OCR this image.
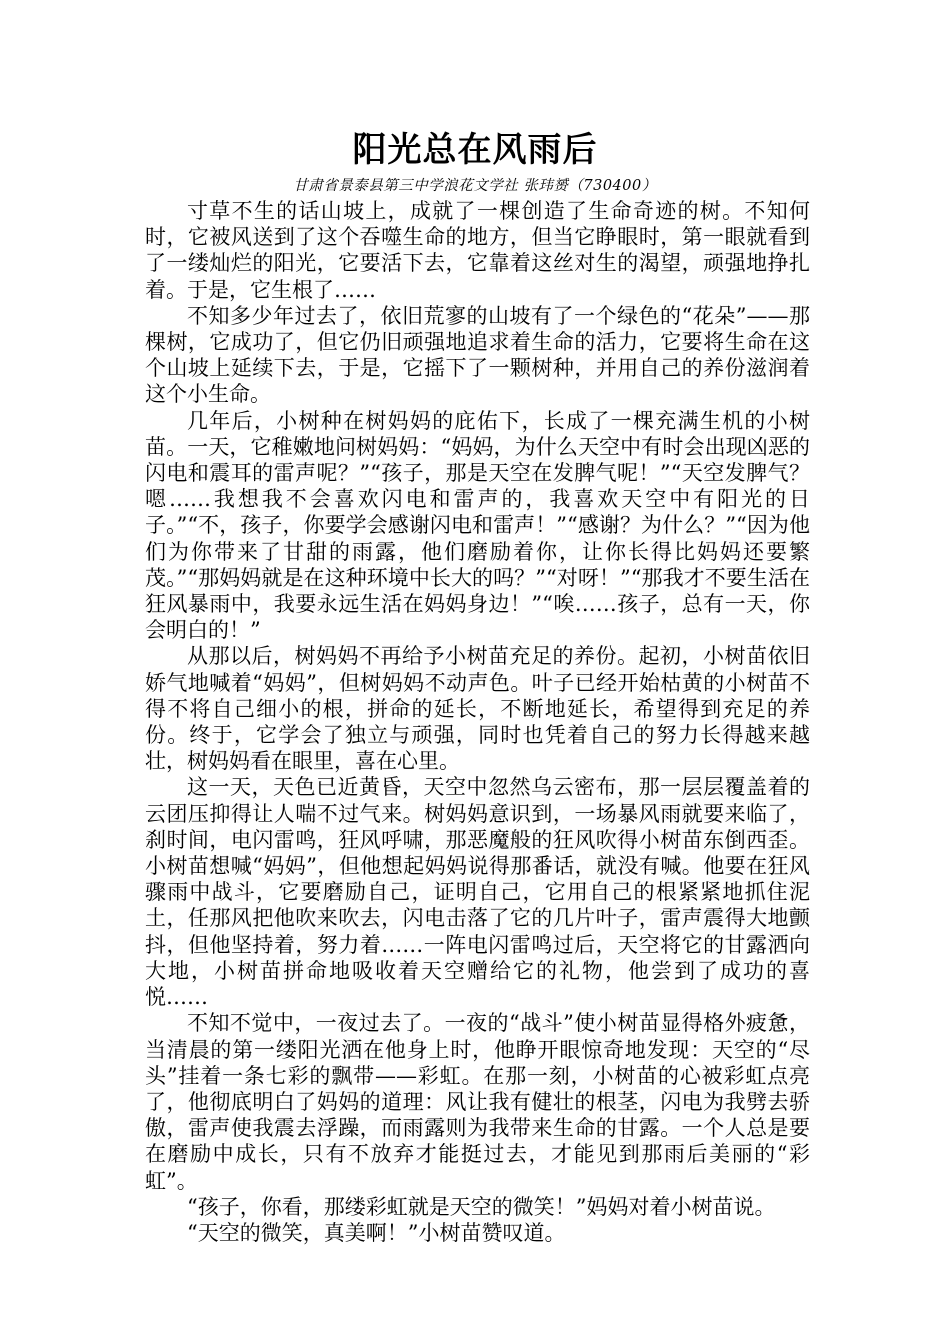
阳光总在风雨后
甘肃省景泰县第三中学浪花文学社 张玮赟（730400）

寸草不生的话山坡上，成就了一棵创造了生命奇迹的树。不知何时，它被风送到了这个吞噬生命的地方，但当它睁眼时，第一眼就看到了一缕灿烂的阳光，它要活下去，它靠着这丝对生的渴望，顽强地挣扎着。于是，它生根了……

不知多少年过去了，依旧荒寥的山坡有了一个绿色的“花朵”——那棵树，它成功了，但它仍旧顽强地追求着生命的活力，它要将生命在这个山坡上延续下去，于是，它摇下了一颗树种，并用自己的养份滋润着这个小生命。

几年后，小树种在树妈妈的庇佑下，长成了一棵充满生机的小树苗。一天，它稚嫩地问树妈妈：“妈妈，为什么天空中有时会出现凶恶的闪电和震耳的雷声呢？”“孩子，那是天空在发脾气呢！”“天空发脾气？嗯……我想我不会喜欢闪电和雷声的，我喜欢天空中有阳光的日子。”“不，孩子，你要学会感谢闪电和雷声！”“感谢？为什么？”“因为他们为你带来了甘甜的雨露，他们磨励着你，让你长得比妈妈还要繁茂。”“那妈妈就是在这种环境中长大的吗？”“对呀！”“那我才不要生活在狂风暴雨中，我要永远生活在妈妈身边！”“唉……孩子，总有一天，你会明白的！”

从那以后，树妈妈不再给予小树苗充足的养份。起初，小树苗依旧娇气地喊着“妈妈”，但树妈妈不动声色。叶子已经开始枯黄的小树苗不得不将自己细小的根，拼命的延长，不断地延长，希望得到充足的养份。终于，它学会了独立与顽强，同时也凭着自己的努力长得越来越壮，树妈妈看在眼里，喜在心里。

这一天，天色已近黄昏，天空中忽然乌云密布，那一层层覆盖着的云团压抑得让人喘不过气来。树妈妈意识到，一场暴风雨就要来临了，刹时间，电闪雷鸣，狂风呼啸，那恶魔般的狂风吹得小树苗东倒西歪。小树苗想喊“妈妈”，但他想起妈妈说得那番话，就没有喊。他要在狂风骤雨中战斗，它要磨励自己，证明自己，它用自己的根紧紧地抓住泥土，任那风把他吹来吹去，闪电击落了它的几片叶子，雷声震得大地颤抖，但他坚持着，努力着……一阵电闪雷鸣过后，天空将它的甘露洒向大地，小树苗拼命地吸收着天空赠给它的礼物，他尝到了成功的喜悦……

不知不觉中，一夜过去了。一夜的“战斗”使小树苗显得格外疲惫，当清晨的第一缕阳光洒在他身上时，他睁开眼惊奇地发现：天空的“尽头”挂着一条七彩的飘带——彩虹。在那一刻，小树苗的心被彩虹点亮了，他彻底明白了妈妈的道理：风让我有健壮的根茎，闪电为我劈去骄傲，雷声使我震去浮躁，而雨露则为我带来生命的甘露。一个人总是要在磨励中成长，只有不放弃才能挺过去，才能见到那雨后美丽的“彩虹”。

“孩子，你看，那缕彩虹就是天空的微笑！”妈妈对着小树苗说。

“天空的微笑，真美啊！”小树苗赞叹道。
